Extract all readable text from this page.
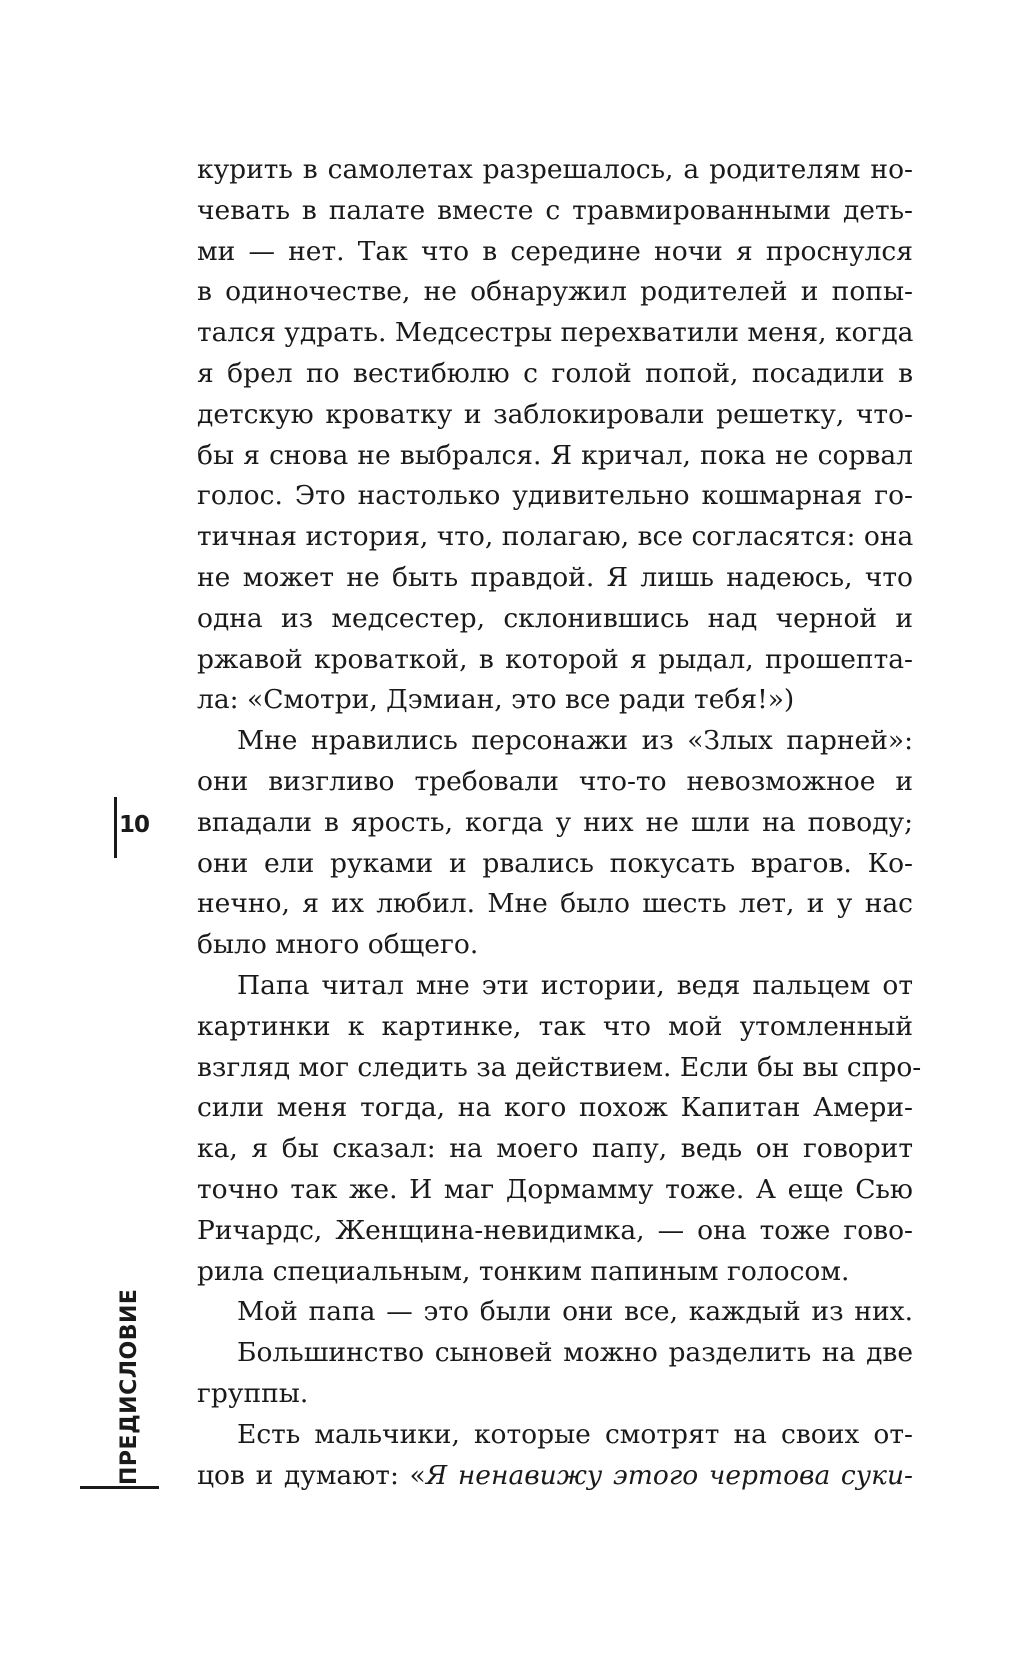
курить в самолетах разрешалось, а родителям но-
чевать в палате вместе с травмированными деть-
ми — нет. Так что в середине ночи я проснулся
в одиночестве, не обнаружил родителей и попы-
тался удрать. Медсестры перехватили меня, когда
я брел по вестибюлю с голой попой, посадили в
детскую кроватку и заблокировали решетку, что-
бы я снова не выбрался. Я кричал, пока не сорвал
голос. Это настолько удивительно кошмарная го-
тичная история, что, полагаю, все согласятся: она
не может не быть правдой. Я лишь надеюсь, что
одна из медсестер, склонившись над черной и
ржавой кроваткой, в которой я рыдал, прошепта-
ла: «Смотри, Дэмиан, это все ради тебя!»)
Мне нравились персонажи из «Злых парней»:
они визгливо требовали что-то невозможное и
впадали в ярость, когда у них не шли на поводу;
они ели руками и рвались покусать врагов. Ко-
нечно, я их любил. Мне было шесть лет, и у нас
было много общего.
Папа читал мне эти истории, ведя пальцем от
картинки к картинке, так что мой утомленный
взгляд мог следить за действием. Если бы вы спро-
сили меня тогда, на кого похож Капитан Амери-
ка, я бы сказал: на моего папу, ведь он говорит
точно так же. И маг Дормамму тоже. А еще Сью
Ричардс, Женщина-невидимка, — она тоже гово-
рила специальным, тонким папиным голосом.
Мой папа — это были они все, каждый из них.
Большинство сыновей можно разделить на две
группы.
Есть мальчики, которые смотрят на своих от-
цов и думают: «Я ненавижу этого чертова суки-
10
ПРЕДИСЛОВИЕ
